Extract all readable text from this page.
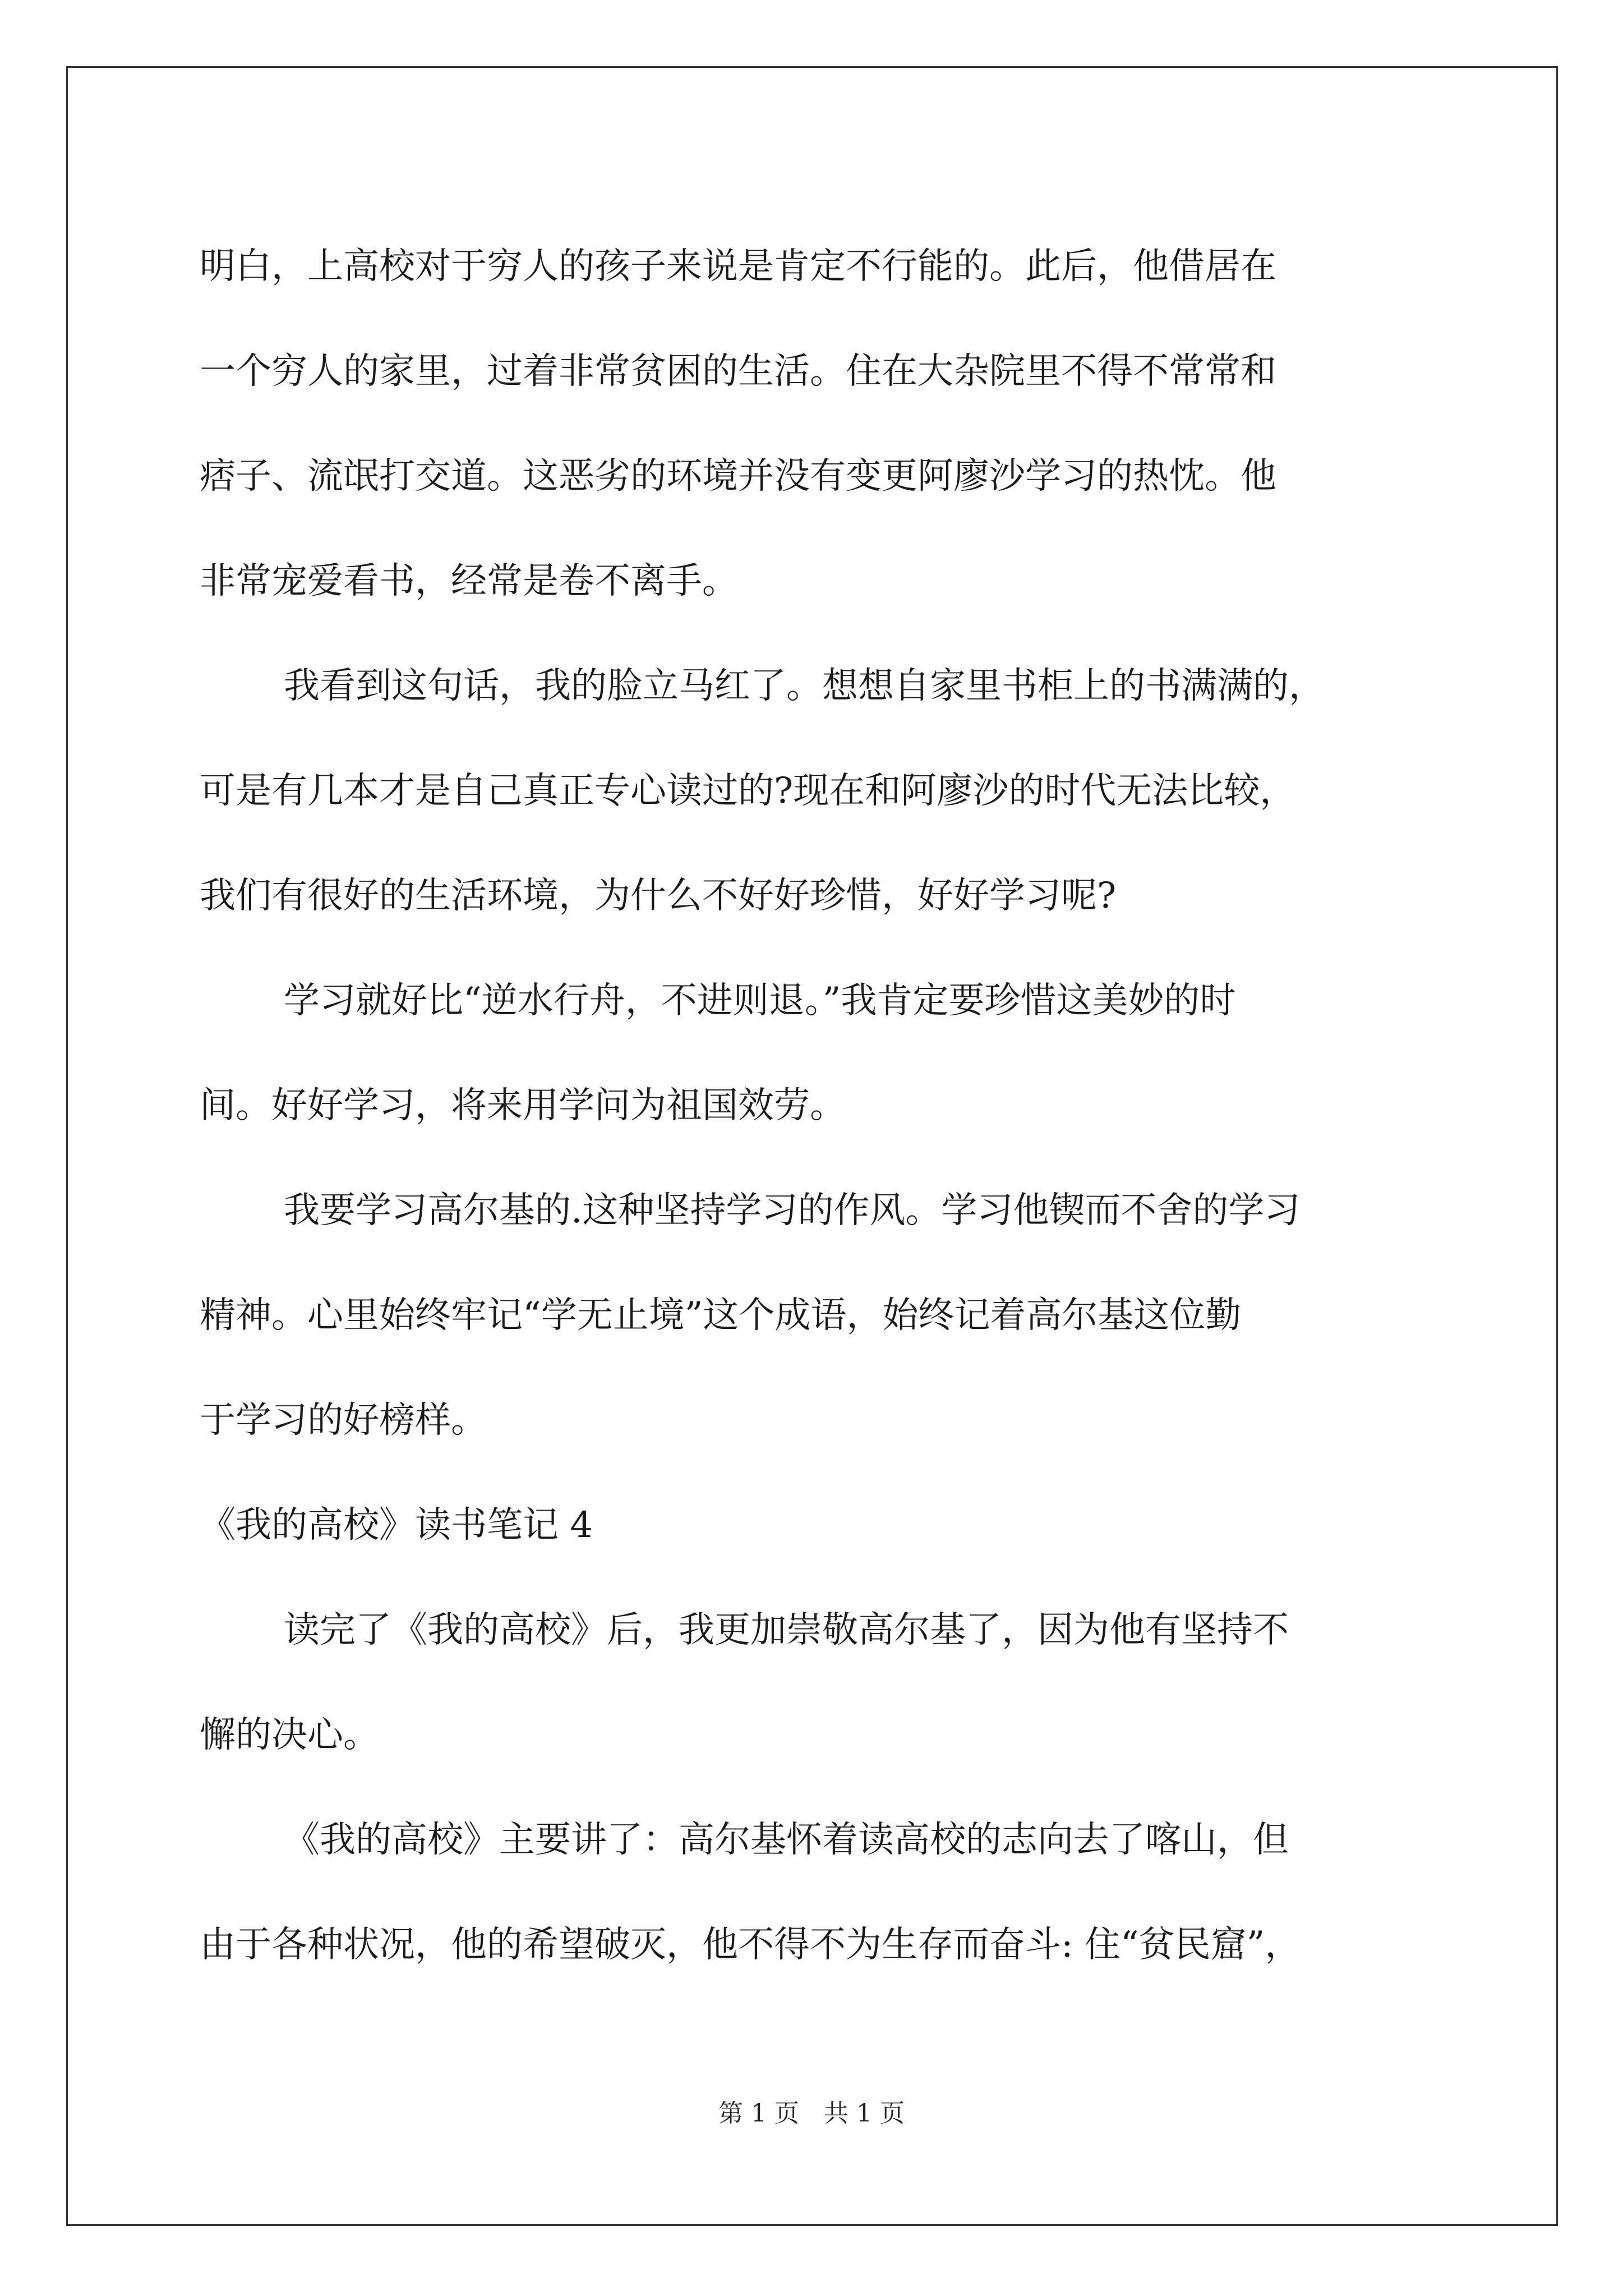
明白，上高校对于穷人的孩子来说是肯定不行能的。此后，他借居在

一个穷人的家里，过着非常贫困的生活。住在大杂院里不得不常常和

痞子、流氓打交道。这恶劣的环境并没有变更阿廖沙学习的热忱。他

非常宠爱看书，经常是卷不离手。

我看到这句话，我的脸立马红了。想想自家里书柜上的书满满的，

可是有几本才是自己真正专心读过的?现在和阿廖沙的时代无法比较，

我们有很好的生活环境，为什么不好好珍惜，好好学习呢?

学习就好比“逆水行舟，不进则退。”我肯定要珍惜这美妙的时

间。好好学习，将来用学问为祖国效劳。

我要学习高尔基的.这种坚持学习的作风。学习他锲而不舍的学习

精神。心里始终牢记“学无止境”这个成语，始终记着高尔基这位勤

于学习的好榜样。

《我的高校》读书笔记 4

读完了《我的高校》后，我更加崇敬高尔基了，因为他有坚持不

懈的决心。

《我的高校》主要讲了：高尔基怀着读高校的志向去了喀山，但

由于各种状况，他的希望破灭，他不得不为生存而奋斗: 住“贫民窟”，

第 1 页　共 1 页
